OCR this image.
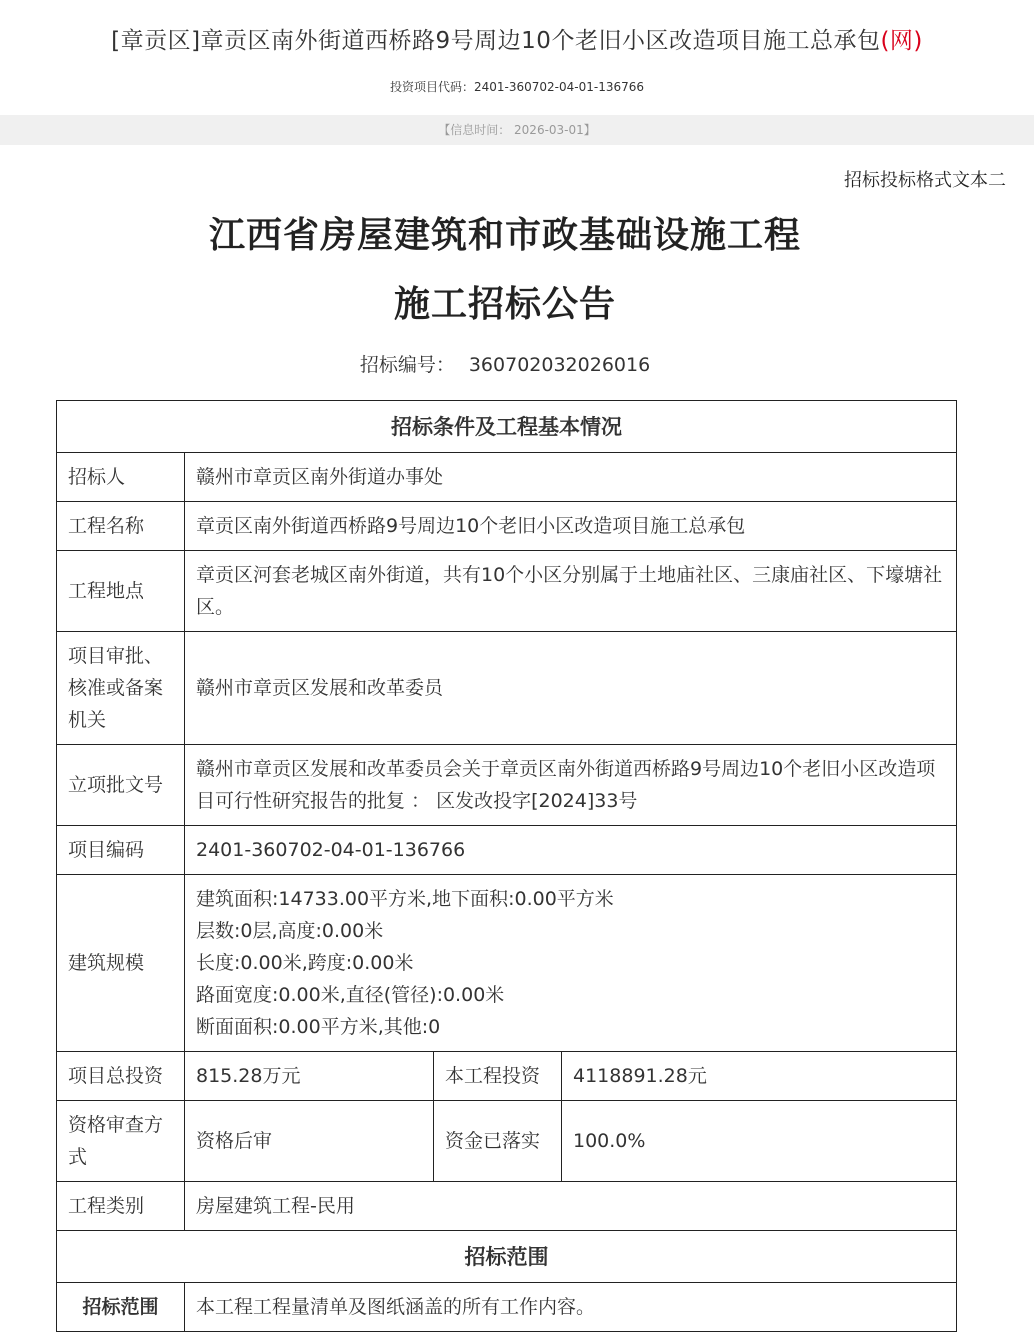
[章贡区]章贡区南外街道西桥路9号周边10个老旧小区改造项目施工总承包(网)
投资项目代码：2401-360702-04-01-136766
【信息时间： 2026-03-01】
招标投标格式文本二
江西省房屋建筑和市政基础设施工程
施工招标公告
招标编号： 360702032026016
招标条件及工程基本情况			
招标人	赣州市章贡区南外街道办事处		
工程名称	章贡区南外街道西桥路9号周边10个老旧小区改造项目施工总承包		
工程地点	章贡区河套老城区南外街道，共有10个小区分别属于土地庙社区、三康庙社区、下壕塘社区。		
项目审批、核准或备案机关	赣州市章贡区发展和改革委员		
立项批文号	赣州市章贡区发展和改革委员会关于章贡区南外街道西桥路9号周边10个老旧小区改造项目可行性研究报告的批复 ： 区发改投字[2024]33号		
项目编码	2401-360702-04-01-136766		
建筑规模	建筑面积:14733.00平方米,地下面积:0.00平方米
层数:0层,高度:0.00米
长度:0.00米,跨度:0.00米
路面宽度:0.00米,直径(管径):0.00米
断面面积:0.00平方米,其他:0		

项目总投资	815.28万元	本工程投资	4118891.28元
资格审查方式	资格后审	资金已落实	100.0%
工程类别	房屋建筑工程-民用		
招标范围			
招标范围	本工程工程量清单及图纸涵盖的所有工作内容。		
